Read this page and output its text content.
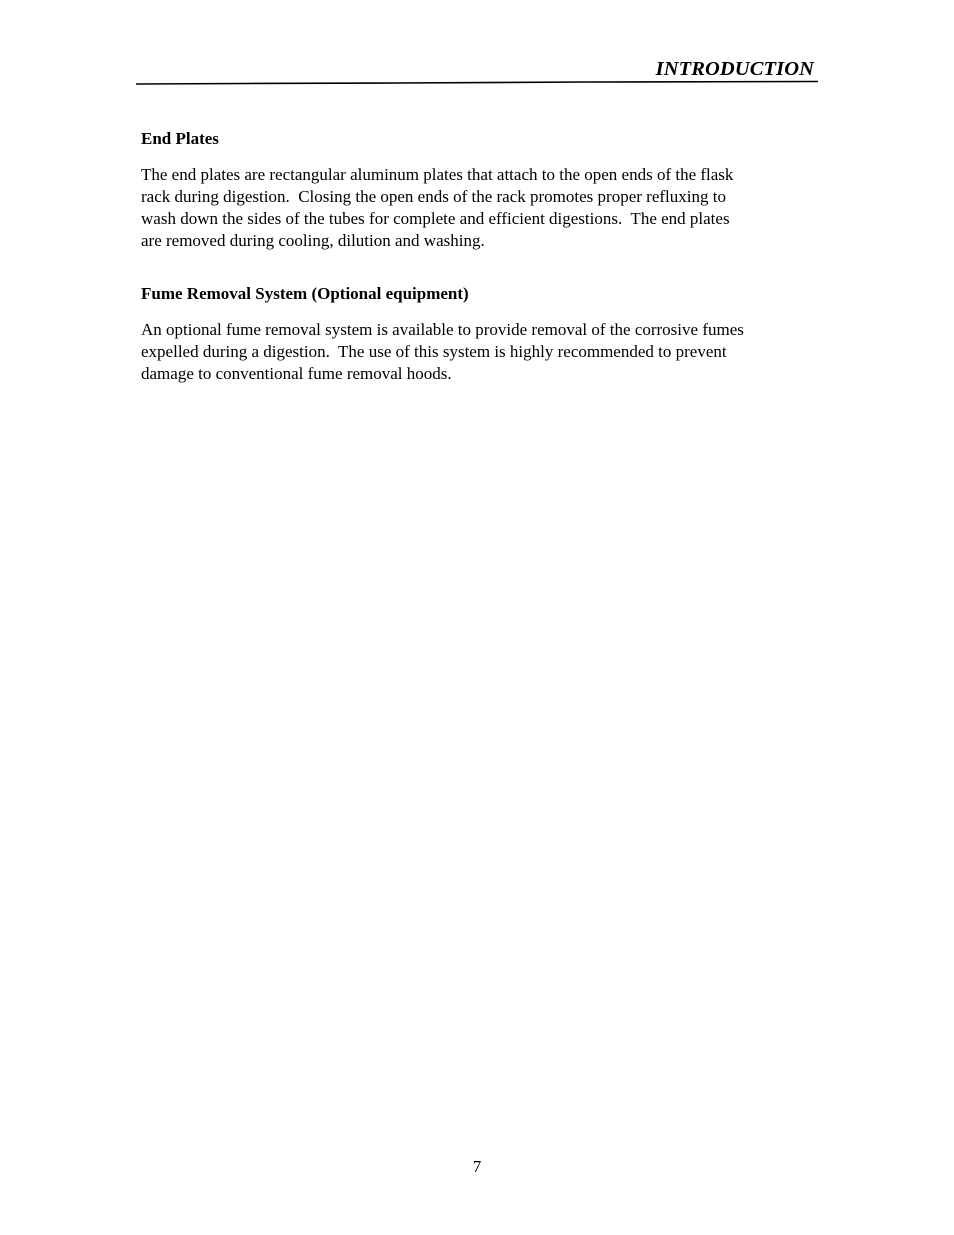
INTRODUCTION
End Plates

The end plates are rectangular aluminum plates that attach to the open ends of the flask
rack during digestion.  Closing the open ends of the rack promotes proper refluxing to
wash down the sides of the tubes for complete and efficient digestions.  The end plates
are removed during cooling, dilution and washing.

Fume Removal System (Optional equipment)

An optional fume removal system is available to provide removal of the corrosive fumes
expelled during a digestion.  The use of this system is highly recommended to prevent
damage to conventional fume removal hoods.

7
